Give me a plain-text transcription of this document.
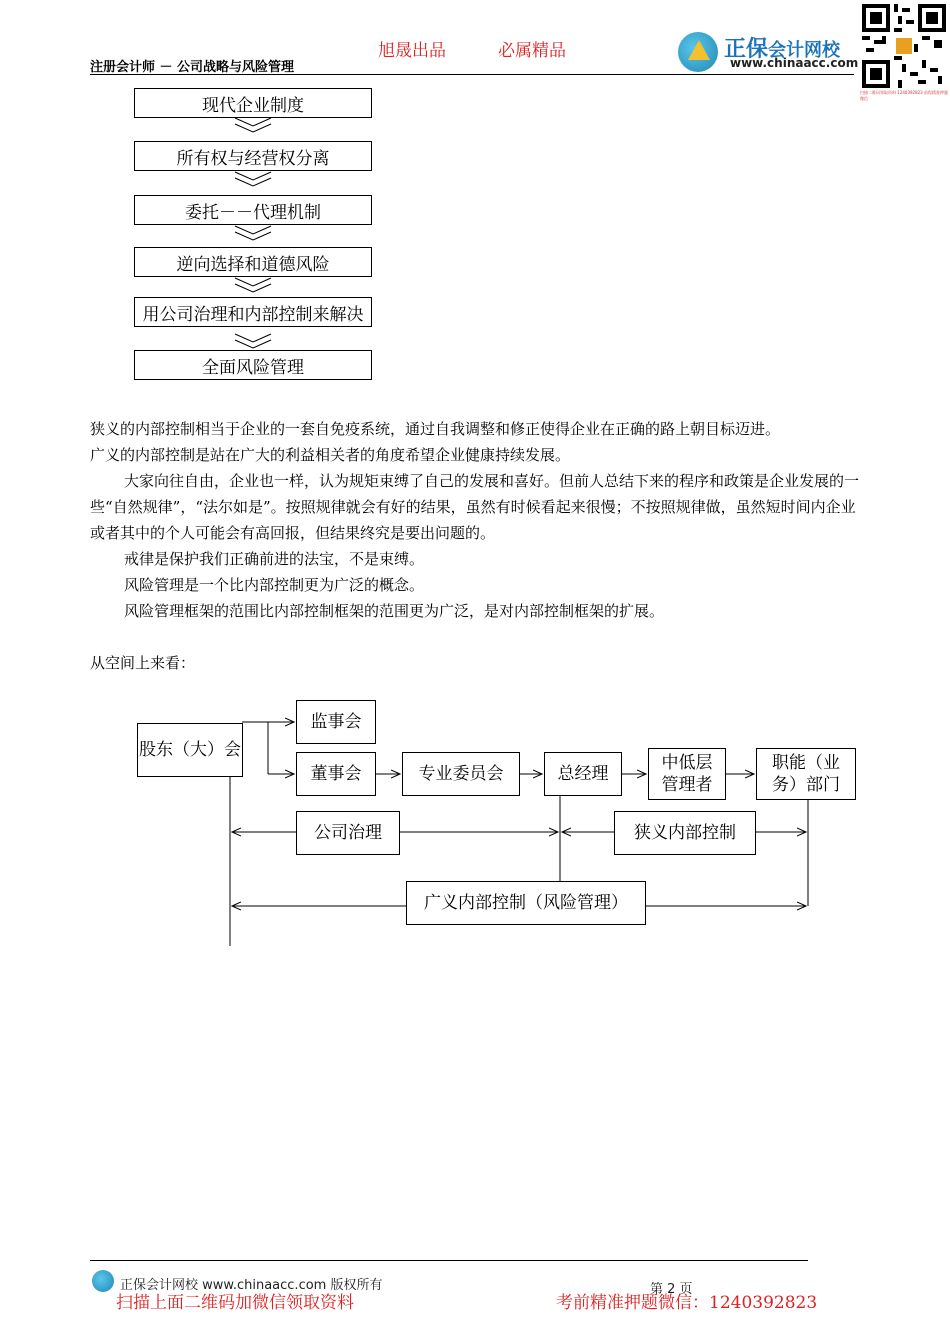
注册会计师 － 公司战略与风险管理
旭晟出品	必属精品	正保会计网校
www.chinaacc.com
扫描二维码领取资料 1240392823 前程精准押题微信
现代企业制度
所有权与经营权分离
委托－－代理机制
逆向选择和道德风险
用公司治理和内部控制来解决
全面风险管理

狭义的内部控制相当于企业的一套自免疫系统，通过自我调整和修正使得企业在正确的路上朝目标迈进。

广义的内部控制是站在广大的利益相关者的角度希望企业健康持续发展。

大家向往自由，企业也一样，认为规矩束缚了自己的发展和喜好。但前人总结下来的程序和政策是企业发展的一些“自然规律”，“法尔如是”。按照规律就会有好的结果，虽然有时候看起来很慢；不按照规律做，虽然短时间内企业或者其中的个人可能会有高回报，但结果终究是要出问题的。

戒律是保护我们正确前进的法宝，不是束缚。

风险管理是一个比内部控制更为广泛的概念。

风险管理框架的范围比内部控制框架的范围更为广泛，是对内部控制框架的扩展。

从空间上来看：
股东（大）会
监事会
董事会	专业委员会	总经理
中低层管理者
职能（业务）部门
公司治理	狭义内部控制
广义内部控制（风险管理）
正保会计网校 www.chinaacc.com 版权所有	第 2 页
扫描上面二维码加微信领取资料	考前精准押题微信：1240392823
